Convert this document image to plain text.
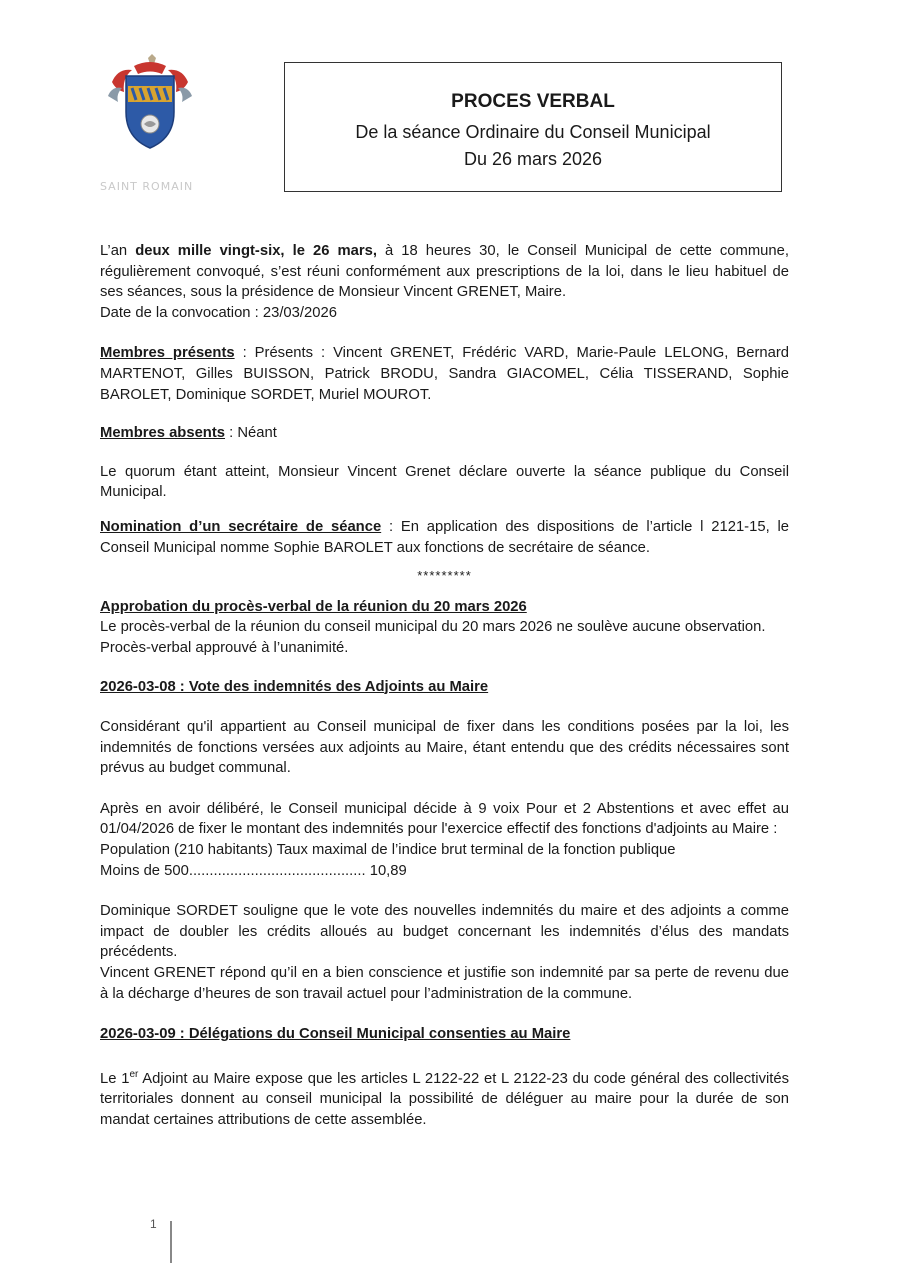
SAINT ROMAIN
PROCES VERBAL
De la séance Ordinaire du Conseil Municipal
Du 26 mars 2026

L’an deux mille vingt-six, le 26 mars, à 18 heures 30, le Conseil Municipal de cette commune, régulièrement convoqué, s’est réuni conformément aux prescriptions de la loi, dans le lieu habituel de ses séances, sous la présidence de Monsieur Vincent GRENET, Maire.

Date de la convocation : 23/03/2026

Membres présents : Présents : Vincent GRENET, Frédéric VARD, Marie-Paule LELONG, Bernard MARTENOT, Gilles BUISSON, Patrick BRODU, Sandra GIACOMEL, Célia TISSERAND, Sophie BAROLET, Dominique SORDET, Muriel MOUROT.

Membres absents : Néant

Le quorum étant atteint, Monsieur Vincent Grenet déclare ouverte la séance publique du Conseil Municipal.

Nomination d’un secrétaire de séance : En application des dispositions de l’article l 2121-15, le Conseil Municipal nomme Sophie BAROLET aux fonctions de secrétaire de séance.

*********

Approbation du procès-verbal de la réunion du 20 mars 2026

Le procès-verbal de la réunion du conseil municipal du 20 mars 2026 ne soulève aucune observation.

Procès-verbal approuvé à l’unanimité.

2026-03-08 : Vote des indemnités des Adjoints au Maire

Considérant qu'il appartient au Conseil municipal de fixer dans les conditions posées par la loi, les indemnités de fonctions versées aux adjoints au Maire, étant entendu que des crédits nécessaires sont prévus au budget communal.

Après en avoir délibéré, le Conseil municipal décide à 9 voix Pour et 2 Abstentions et avec effet au 01/04/2026 de fixer le montant des indemnités pour l'exercice effectif des fonctions d'adjoints au Maire :

Population (210 habitants) Taux maximal de l’indice brut terminal de la fonction publique

Moins de 500........................................... 10,89

Dominique SORDET souligne que le vote des nouvelles indemnités du maire et des adjoints a comme impact de doubler les crédits alloués au budget concernant les indemnités d’élus des mandats précédents.

Vincent GRENET répond qu’il en a bien conscience et justifie son indemnité par sa perte de revenu due à la décharge d’heures de son travail actuel pour l’administration de la commune.

2026-03-09 : Délégations du Conseil Municipal consenties au Maire

Le 1er Adjoint au Maire expose que les articles L 2122-22 et L 2122-23 du code général des collectivités territoriales donnent au conseil municipal la possibilité de déléguer au maire pour la durée de son mandat certaines attributions de cette assemblée.

1
